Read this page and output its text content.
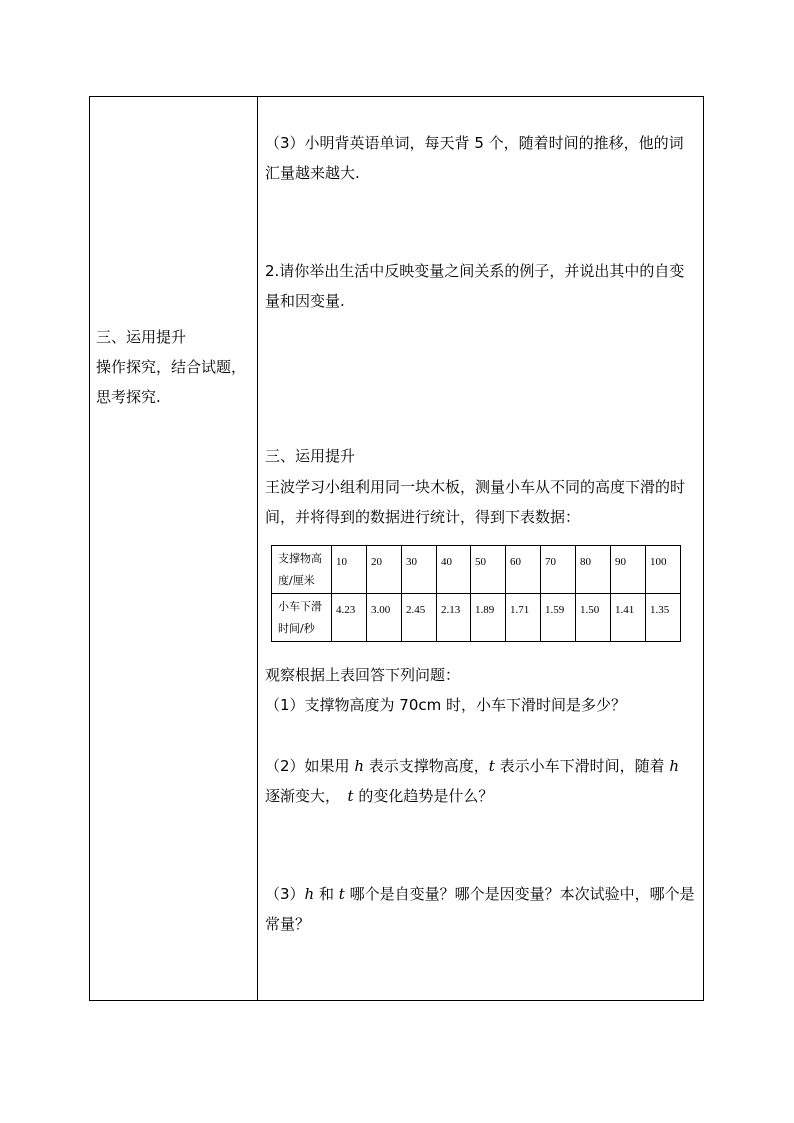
三、运用提升
操作探究，结合试题，
思考探究.
（3）小明背英语单词，每天背 5 个，随着时间的推移，他的词汇量越来越大.
2.请你举出生活中反映变量之间关系的例子，并说出其中的自变量和因变量.
三、运用提升
王波学习小组利用同一块木板，测量小车从不同的高度下滑的时间，并将得到的数据进行统计，得到下表数据：
支撑物高度/厘米	10	20	30	40	50	60	70	80	90	100
小车下滑时间/秒	4.23	3.00	2.45	2.13	1.89	1.71	1.59	1.50	1.41	1.35
观察根据上表回答下列问题：
（1）支撑物高度为 70cm 时，小车下滑时间是多少？
（2）如果用 h 表示支撑物高度，t 表示小车下滑时间，随着 h 逐渐变大，　t 的变化趋势是什么？
（3）h 和 t 哪个是自变量？哪个是因变量？本次试验中，哪个是常量？
